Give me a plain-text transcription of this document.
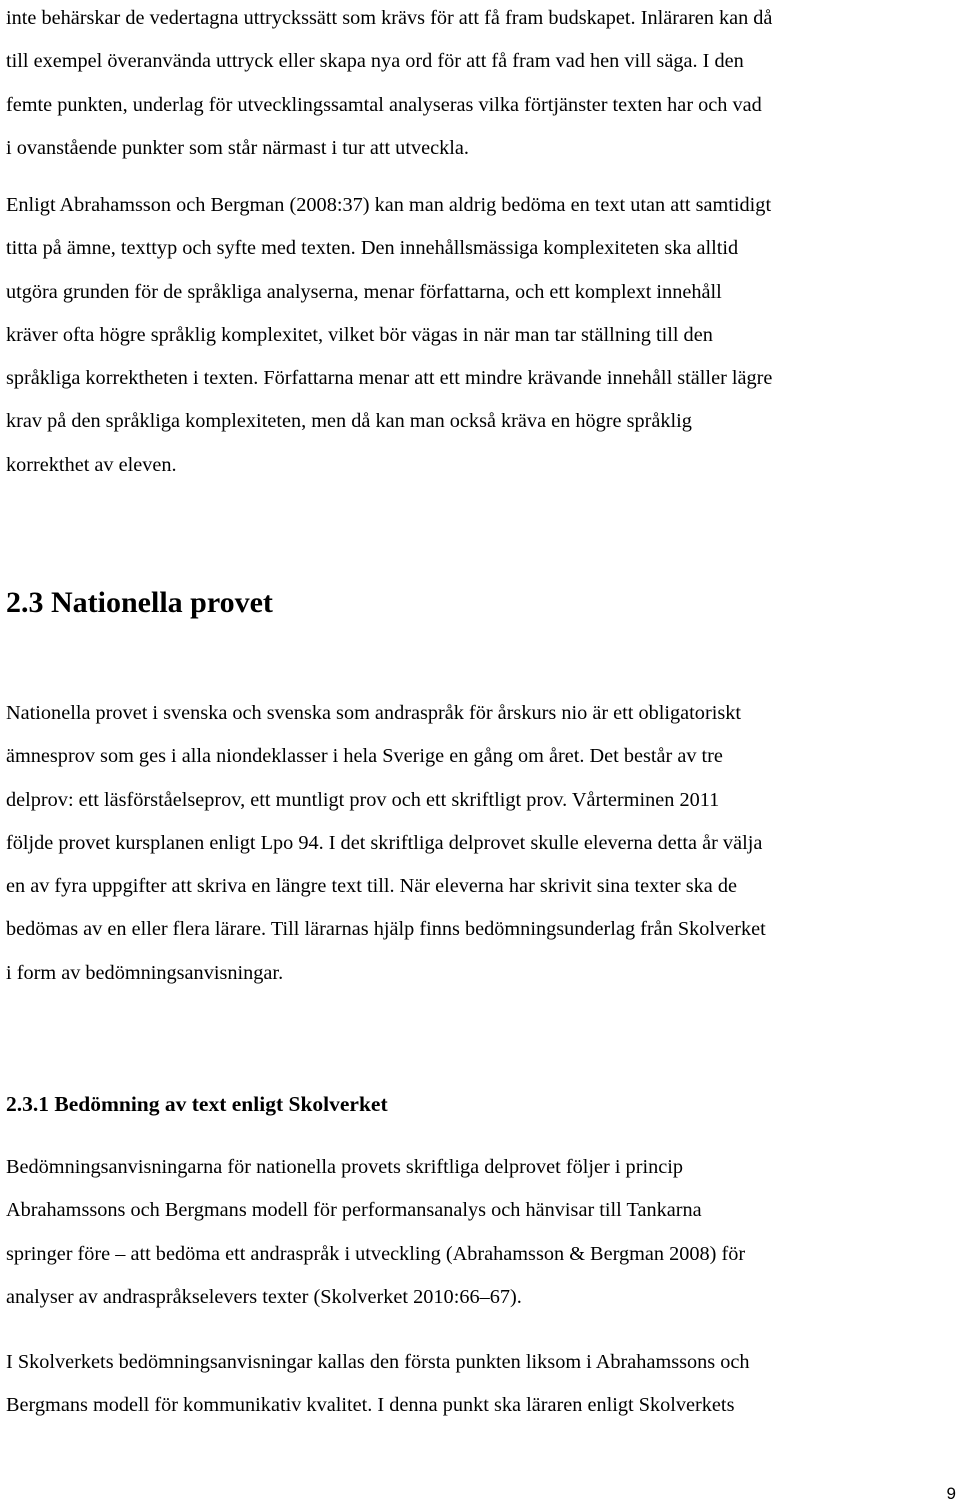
inte behärskar de vedertagna uttryckssätt som krävs för att få fram budskapet. Inläraren kan då
till exempel överanvända uttryck eller skapa nya ord för att få fram vad hen vill säga. I den
femte punkten, underlag för utvecklingssamtal analyseras vilka förtjänster texten har och vad
i ovanstående punkter som står närmast i tur att utveckla.
Enligt Abrahamsson och Bergman (2008:37) kan man aldrig bedöma en text utan att samtidigt
titta på ämne, texttyp och syfte med texten. Den innehållsmässiga komplexiteten ska alltid
utgöra grunden för de språkliga analyserna, menar författarna, och ett komplext innehåll
kräver ofta högre språklig komplexitet, vilket bör vägas in när man tar ställning till den
språkliga korrektheten i texten. Författarna menar att ett mindre krävande innehåll ställer lägre
krav på den språkliga komplexiteten, men då kan man också kräva en högre språklig
korrekthet av eleven.
2.3 Nationella provet
Nationella provet i svenska och svenska som andraspråk för årskurs nio är ett obligatoriskt
ämnesprov som ges i alla niondeklasser i hela Sverige en gång om året. Det består av tre
delprov: ett läsförståelseprov, ett muntligt prov och ett skriftligt prov. Vårterminen 2011
följde provet kursplanen enligt Lpo 94. I det skriftliga delprovet skulle eleverna detta år välja
en av fyra uppgifter att skriva en längre text till. När eleverna har skrivit sina texter ska de
bedömas av en eller flera lärare. Till lärarnas hjälp finns bedömningsunderlag från Skolverket
i form av bedömningsanvisningar.
2.3.1 Bedömning av text enligt Skolverket
Bedömningsanvisningarna för nationella provets skriftliga delprovet följer i princip
Abrahamssons och Bergmans modell för performansanalys och hänvisar till Tankarna
springer före – att bedöma ett andraspråk i utveckling (Abrahamsson & Bergman 2008) för
analyser av andraspråkselevers texter (Skolverket 2010:66–67).
I Skolverkets bedömningsanvisningar kallas den första punkten liksom i Abrahamssons och
Bergmans modell för kommunikativ kvalitet. I denna punkt ska läraren enligt Skolverkets
9
